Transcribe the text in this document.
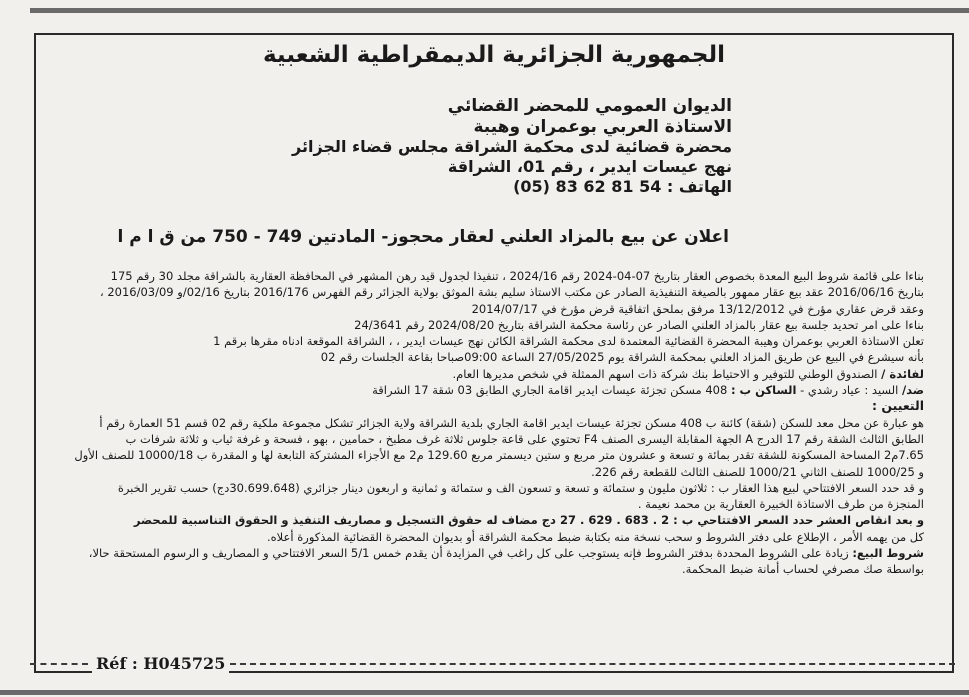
الجمهورية الجزائرية الديمقراطية الشعبية
الديوان العمومي للمحضر القضائي
الاستاذة العربي بوعمران وهيبة
محضرة قضائية لدى محكمة الشراقة مجلس قضاء الجزائر
نهج عيسات ايدير ، رقم 01، الشراقة
الهاتف : (05) 83 62 81 54
اعلان عن بيع بالمزاد العلني لعقار محجوز- المادتين 749 - 750 من ق ا م ا
بناءا على قائمة شروط البيع المعدة بخصوص العقار بتاريخ 07-04-2024 رقم 2024/16 ، تنفيذا لجدول قيد رهن المشهر في المحافظة العقارية بالشراقة مجلد 30 رقم 175
بتاريخ 2016/06/16 عقد بيع عقار ممهور بالصيغة التنفيذية الصادر عن مكتب الاستاذ سليم بشة الموثق بولاية الجزائر رقم الفهرس 2016/176 بتاريخ 02/16/و 2016/03/09 ،
وعقد قرض عقاري مؤرخ في 13/12/2012 مرفق بملحق اتفاقية قرض مؤرخ في 2014/07/17
بناءا على امر تحديد جلسة بيع عقار بالمزاد العلني الصادر عن رئاسة محكمة الشراقة بتاريخ 2024/08/20 رقم 24/3641
تعلن الاستاذة العربي بوعمران وهيبة المحضرة القضائية المعتمدة لدى محكمة الشراقة الكائن نهج عيسات ايدير ، ، الشراقة الموقعة ادناه مقرها برقم 1
بأنه سيشرع في البيع عن طريق المزاد العلني بمحكمة الشراقة يوم 27/05/2025 الساعة 09:00صباحا بقاعة الجلسات رقم 02
لفائدة / الصندوق الوطني للتوفير و الاحتياط بنك شركة ذات اسهم الممثلة في شخص مديرها العام.
ضد/ السيد : عياد رشدي - الساكن ب : 408 مسكن تجزئة عيسات ايدير اقامة الجاري الطابق 03 شقة 17 الشراقة
التعيين :
هو عبارة عن محل معد للسكن (شقة) كائنة ب 408 مسكن تجزئة عيسات ايدير اقامة الجاري بلدية الشراقة ولاية الجزائر تشكل مجموعة ملكية رقم 02 قسم 51 العمارة رقم أ
الطابق الثالث الشقة رقم 17 الدرج A الجهة المقابلة اليسرى الصنف F4 تحتوي على قاعة جلوس ثلاثة غرف مطبخ ، حمامين ، بهو ، فسحة و غرفة ثياب و ثلاثة شرفات ب
7.65م2 المساحة المسكونة للشقة تقدر بمائة و تسعة و عشرون متر مربع و ستين ديسمتر مربع 129.60 م2 مع الأجزاء المشتركة التابعة لها و المقدرة ب 10000/18 للصنف الأول
و 1000/25 للصنف الثاني 1000/21 للصنف الثالث للقطعة رقم 226.
و قد حدد السعر الافتتاحي لبيع هذا العقار ب : ثلاثون مليون و ستمائة و تسعة و تسعون الف و ستمائة و ثمانية و اربعون دينار جزائري (30.699.648دج) حسب تقرير الخبرة
المنجزة من طرف الاستاذة الخبيرة العقارية بن محمد نعيمة .
و بعد انقاص العشر حدد السعر الافتتاحي ب : 2 . 683 . 629 . 27 دج مضاف له حقوق التسجيل و مصاريف التنفيذ و الحقوق التناسبية للمحضر
كل من يهمه الأمر ، الإطلاع على دفتر الشروط و سحب نسخة منه بكتابة ضبط محكمة الشراقة أو بديوان المحضرة القضائية المذكورة أعلاه.
شروط البيع: زيادة على الشروط المحددة بدفتر الشروط فإنه يستوجب على كل راغب في المزايدة أن يقدم خمس 5/1 السعر الافتتاحي و المصاريف و الرسوم المستحقة حالا،
بواسطة صك مصرفي لحساب أمانة ضبط المحكمة.
Réf : H045725
